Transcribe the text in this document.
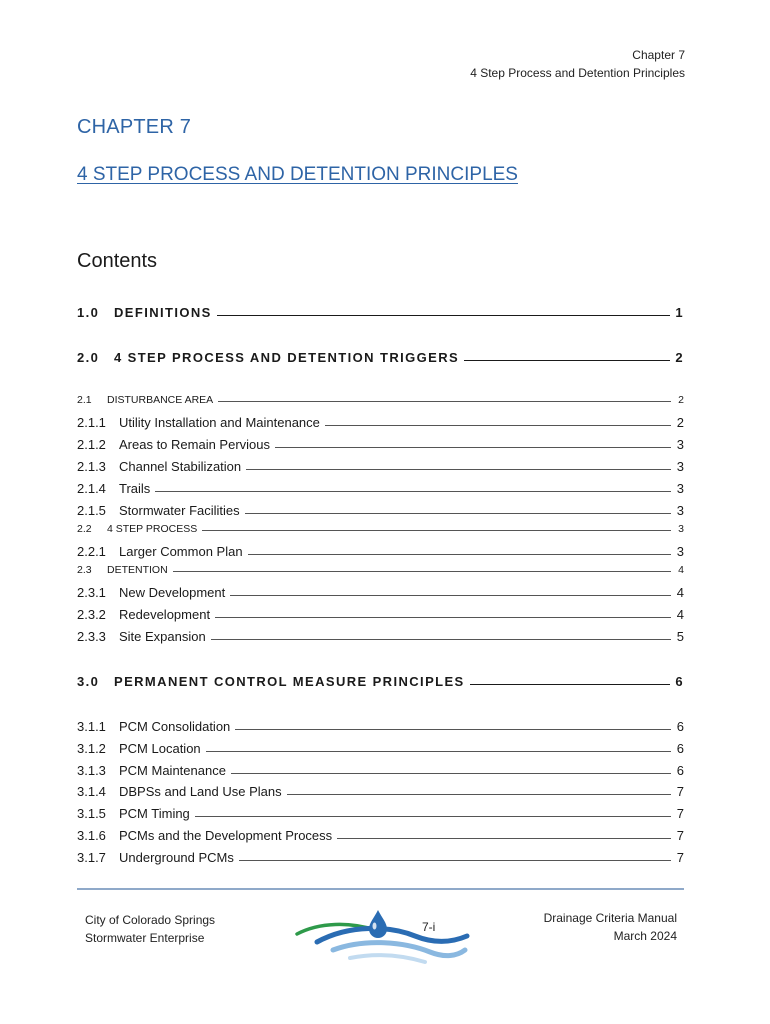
Chapter 7
4 Step Process and Detention Principles
CHAPTER 7
4 STEP PROCESS AND DETENTION PRINCIPLES
Contents
1.0	DEFINITIONS	1
2.0	4 STEP PROCESS AND DETENTION TRIGGERS	2
2.1	DISTURBANCE AREA	2
2.1.1	Utility Installation and Maintenance	2
2.1.2	Areas to Remain Pervious	3
2.1.3	Channel Stabilization	3
2.1.4	Trails	3
2.1.5	Stormwater Facilities	3
2.2	4 STEP PROCESS	3
2.2.1	Larger Common Plan	3
2.3	DETENTION	4
2.3.1	New Development	4
2.3.2	Redevelopment	4
2.3.3	Site Expansion	5
3.0	PERMANENT CONTROL MEASURE PRINCIPLES	6
3.1.1	PCM Consolidation	6
3.1.2	PCM Location	6
3.1.3	PCM Maintenance	6
3.1.4	DBPSs and Land Use Plans	7
3.1.5	PCM Timing	7
3.1.6	PCMs and the Development Process	7
3.1.7	Underground PCMs	7
City of Colorado Springs
Stormwater Enterprise
7-i
Drainage Criteria Manual
March 2024
